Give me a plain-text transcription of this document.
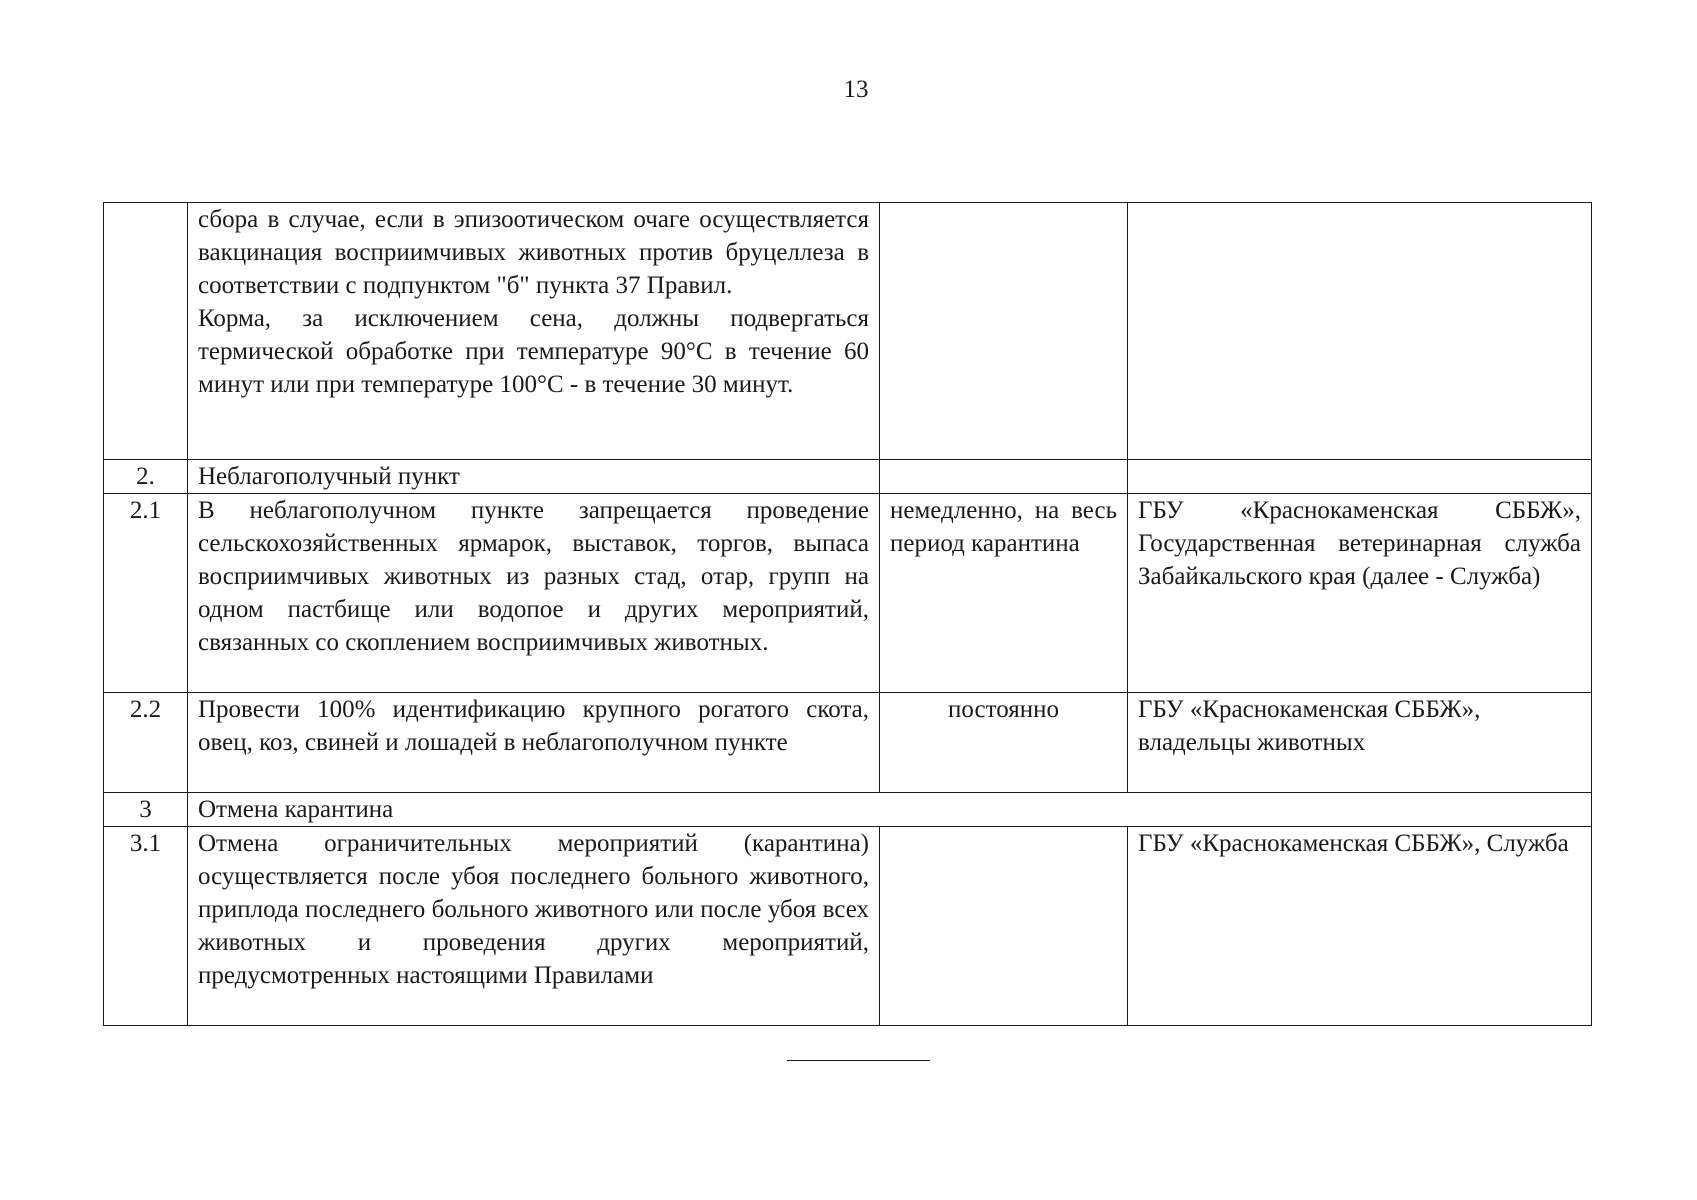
13

	сбора в случае, если в эпизоотическом очаге осуществляется вакцинация восприимчивых животных против бруцеллеза в соответствии с подпунктом "б" пункта 37 Правил.
Корма, за исключением сена, должны подвергаться термической обработке при температуре 90°С в течение 60 минут или при температуре 100°С - в течение 30 минут.		

2.	Неблагополучный пункт		
2.1	В неблагополучном пункте запрещается проведение сельскохозяйственных ярмарок, выставок, торгов, выпаса восприимчивых животных из разных стад, отар, групп на одном пастбище или водопое и других мероприятий, связанных со скоплением восприимчивых животных.	немедленно, на весь период карантина	ГБУ «Краснокаменская СББЖ», Государственная ветеринарная служба Забайкальского края (далее - Служба)
2.2	Провести 100% идентификацию крупного рогатого скота, овец, коз, свиней и лошадей в неблагополучном пункте	постоянно	ГБУ «Краснокаменская СББЖ», владельцы животных
3	Отмена карантина		
3.1	Отмена ограничительных мероприятий (карантина) осуществляется после убоя последнего больного животного, приплода последнего больного животного или после убоя всех животных и проведения других мероприятий, предусмотренных настоящими Правилами		ГБУ «Краснокаменская СББЖ», Служба
